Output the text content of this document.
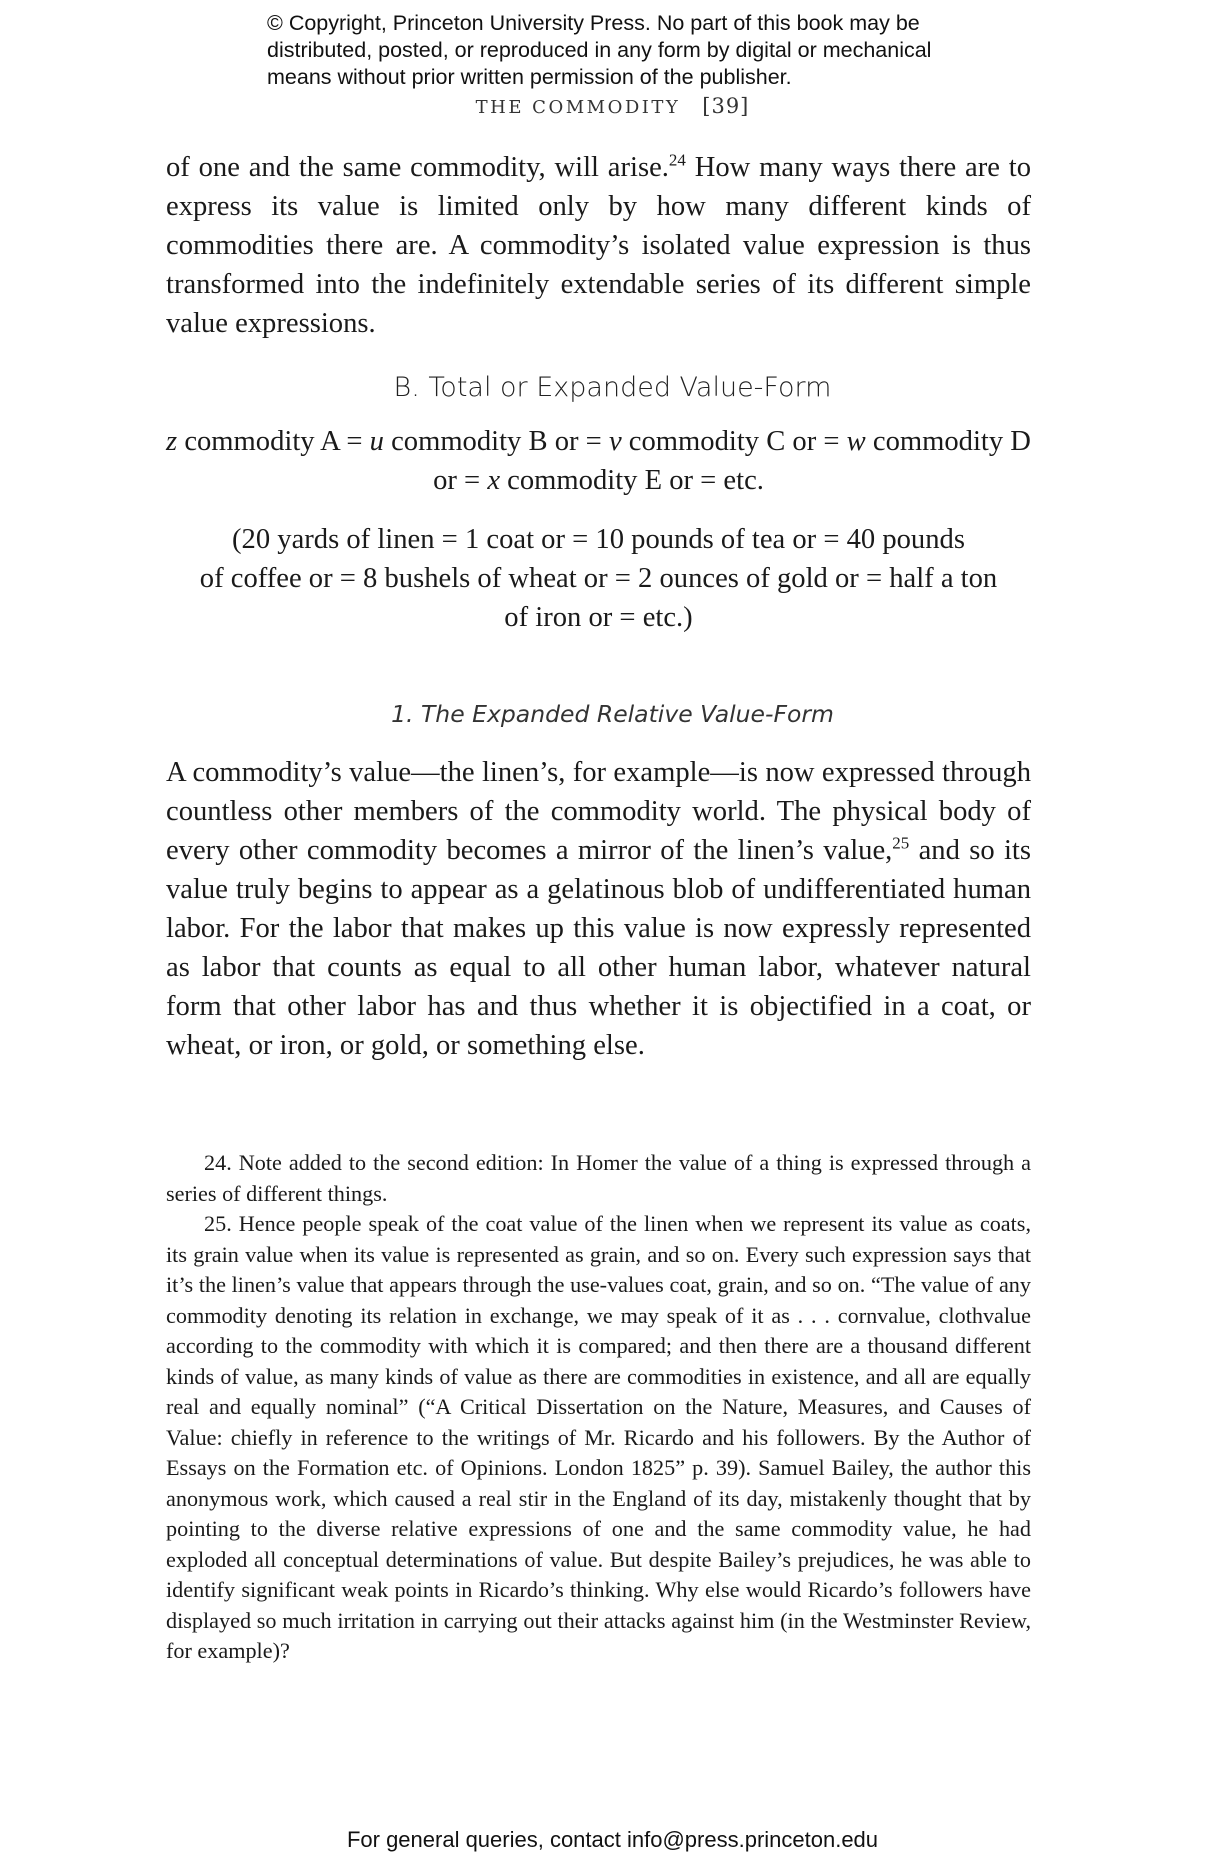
© Copyright, Princeton University Press. No part of this book may be
distributed, posted, or reproduced in any form by digital or mechanical
means without prior written permission of the publisher.
THE COMMODITY [39]

of one and the same commodity, will arise.$^{24}$ How many ways there are to express its value is limited only by how many different kinds of commodities there are. A commodity’s isolated value expression is thus transformed into the indefinitely extendable series of its different simple value expressions.

B. Total or Expanded Value-Form
z commodity A = u commodity B or = v commodity C or = w commodity D or = x commodity E or = etc.
(20 yards of linen = 1 coat or = 10 pounds of tea or = 40 pounds
of coffee or = 8 bushels of wheat or = 2 ounces of gold or = half a ton
of iron or = etc.)
1. The Expanded Relative Value-Form

A commodity’s value—the linen’s, for example—is now expressed through countless other members of the commodity world. The physical body of every other commodity becomes a mirror of the linen’s value,$^{25}$ and so its value truly begins to appear as a gelatinous blob of undifferentiated human labor. For the labor that makes up this value is now expressly represented as labor that counts as equal to all other human labor, whatever natural form that other labor has and thus whether it is objectified in a coat, or wheat, or iron, or gold, or something else.

24. Note added to the second edition: In Homer the value of a thing is expressed through a series of different things.

25. Hence people speak of the coat value of the linen when we represent its value as coats, its grain value when its value is represented as grain, and so on. Every such expression says that it’s the linen’s value that appears through the use-values coat, grain, and so on. “The value of any commodity denoting its relation in exchange, we may speak of it as . . . cornvalue, clothvalue according to the commodity with which it is compared; and then there are a thousand different kinds of value, as many kinds of value as there are commodities in existence, and all are equally real and equally nominal” (“A Critical Dissertation on the Nature, Measures, and Causes of Value: chiefly in reference to the writings of Mr. Ricardo and his followers. By the Author of Essays on the Formation etc. of Opinions. London 1825” p. 39). Samuel Bailey, the author this anonymous work, which caused a real stir in the England of its day, mistakenly thought that by pointing to the diverse relative expressions of one and the same commodity value, he had exploded all conceptual determinations of value. But despite Bailey’s prejudices, he was able to identify significant weak points in Ricardo’s thinking. Why else would Ricardo’s followers have displayed so much irritation in carrying out their attacks against him (in the Westminster Review, for example)?

For general queries, contact info@press.princeton.edu
